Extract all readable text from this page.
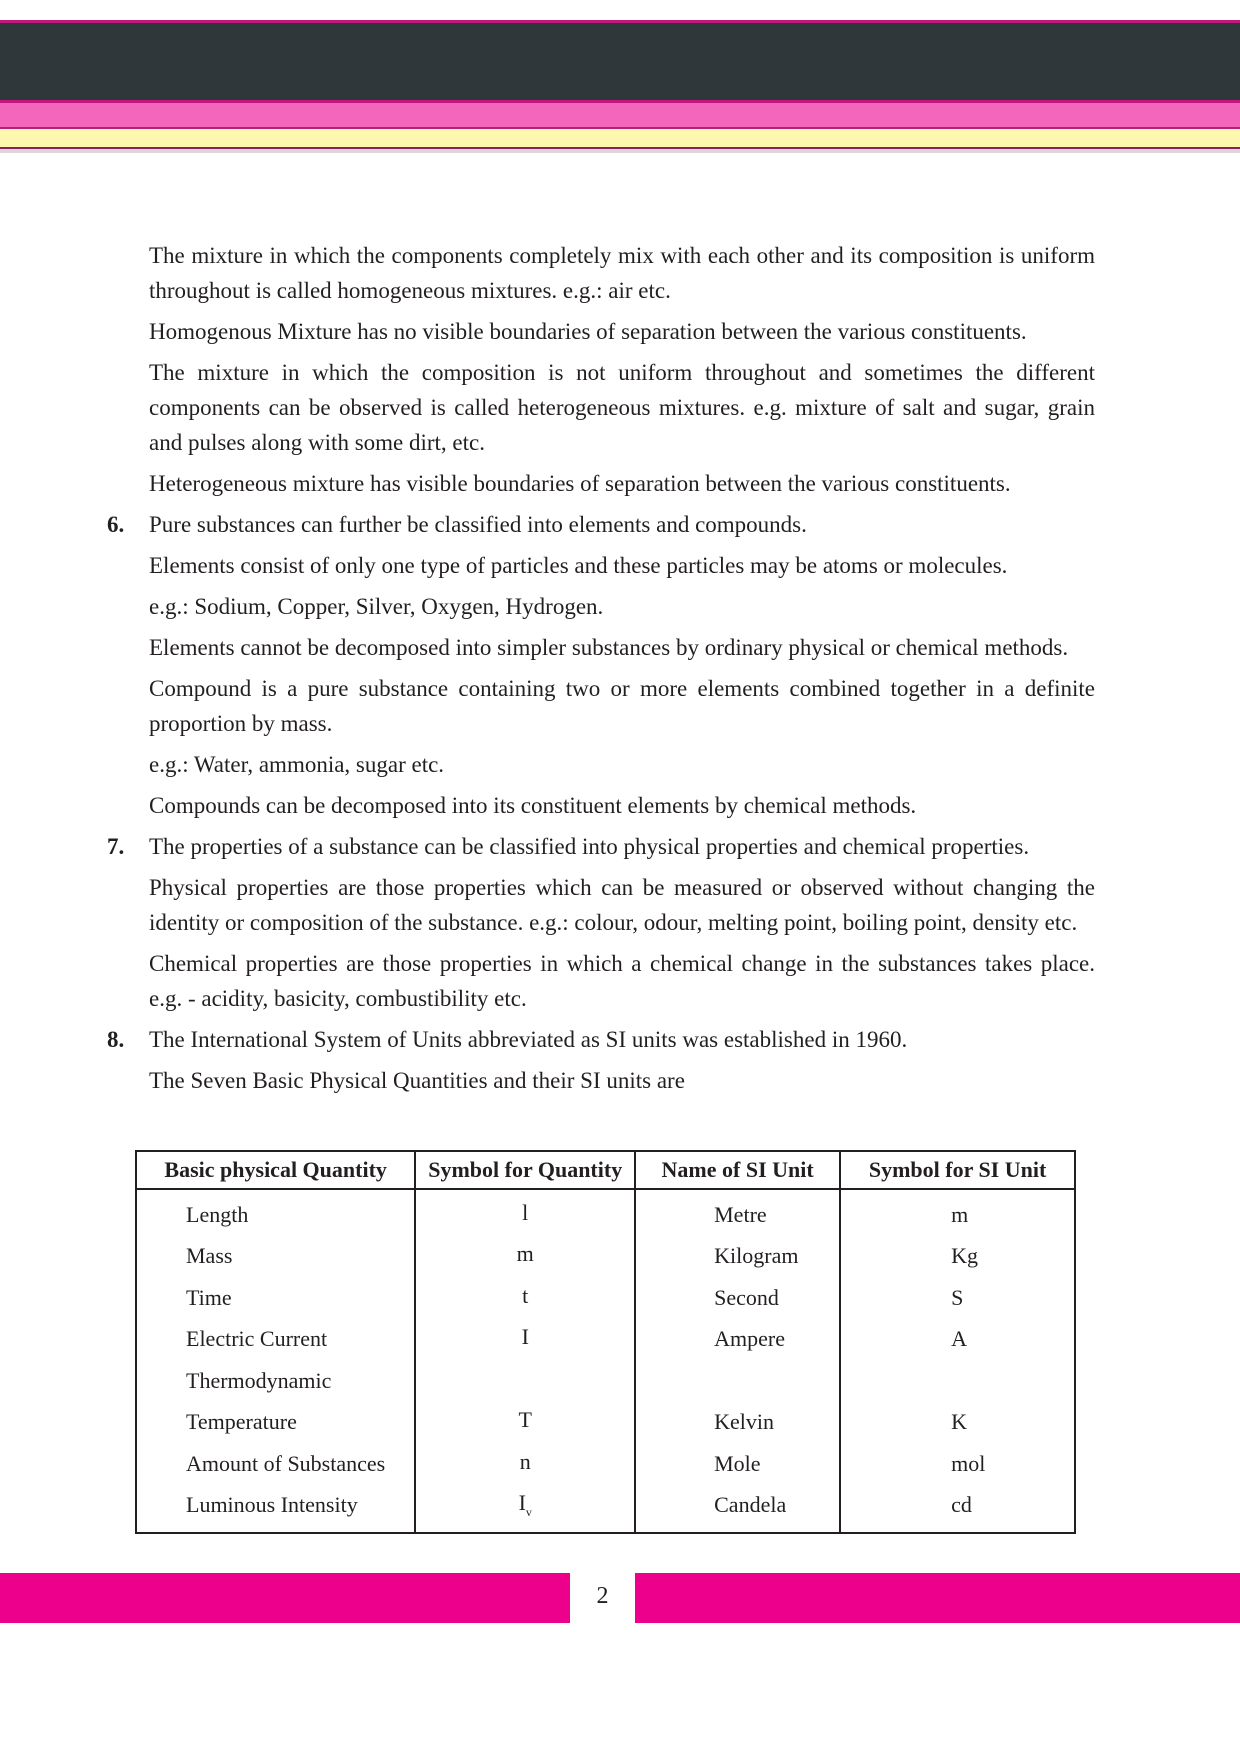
The mixture in which the components completely mix with each other and its composition is uniform throughout is called homogeneous mixtures. e.g.: air etc.

Homogenous Mixture has no visible boundaries of separation between the various constituents.

The mixture in which the composition is not uniform throughout and sometimes the different components can be observed is called heterogeneous mixtures. e.g. mixture of salt and sugar, grain and pulses along with some dirt, etc.

Heterogeneous mixture has visible boundaries of separation between the various constituents.

6. Pure substances can further be classified into elements and compounds.

Elements consist of only one type of particles and these particles may be atoms or molecules.

e.g.: Sodium, Copper, Silver, Oxygen, Hydrogen.

Elements cannot be decomposed into simpler substances by ordinary physical or chemical methods.

Compound is a pure substance containing two or more elements combined together in a definite proportion by mass.

e.g.: Water, ammonia, sugar etc.

Compounds can be decomposed into its constituent elements by chemical methods.

7. The properties of a substance can be classified into physical properties and chemical properties.

Physical properties are those properties which can be measured or observed without changing the identity or composition of the substance. e.g.: colour, odour, melting point, boiling point, density etc.

Chemical properties are those properties in which a chemical change in the substances takes place. e.g. - acidity, basicity, combustibility etc.

8. The International System of Units abbreviated as SI units was established in 1960.

The Seven Basic Physical Quantities and their SI units are

Basic physical Quantity	Symbol for Quantity	Name of SI Unit	Symbol for SI Unit
Length	l	Metre	m
Mass	m	Kilogram	Kg
Time	t	Second	S
Electric Current	I	Ampere	A
Thermodynamic			
Temperature	T	Kelvin	K
Amount of Substances	n	Mole	mol
Luminous Intensity	$I_v$	Candela	cd
2
